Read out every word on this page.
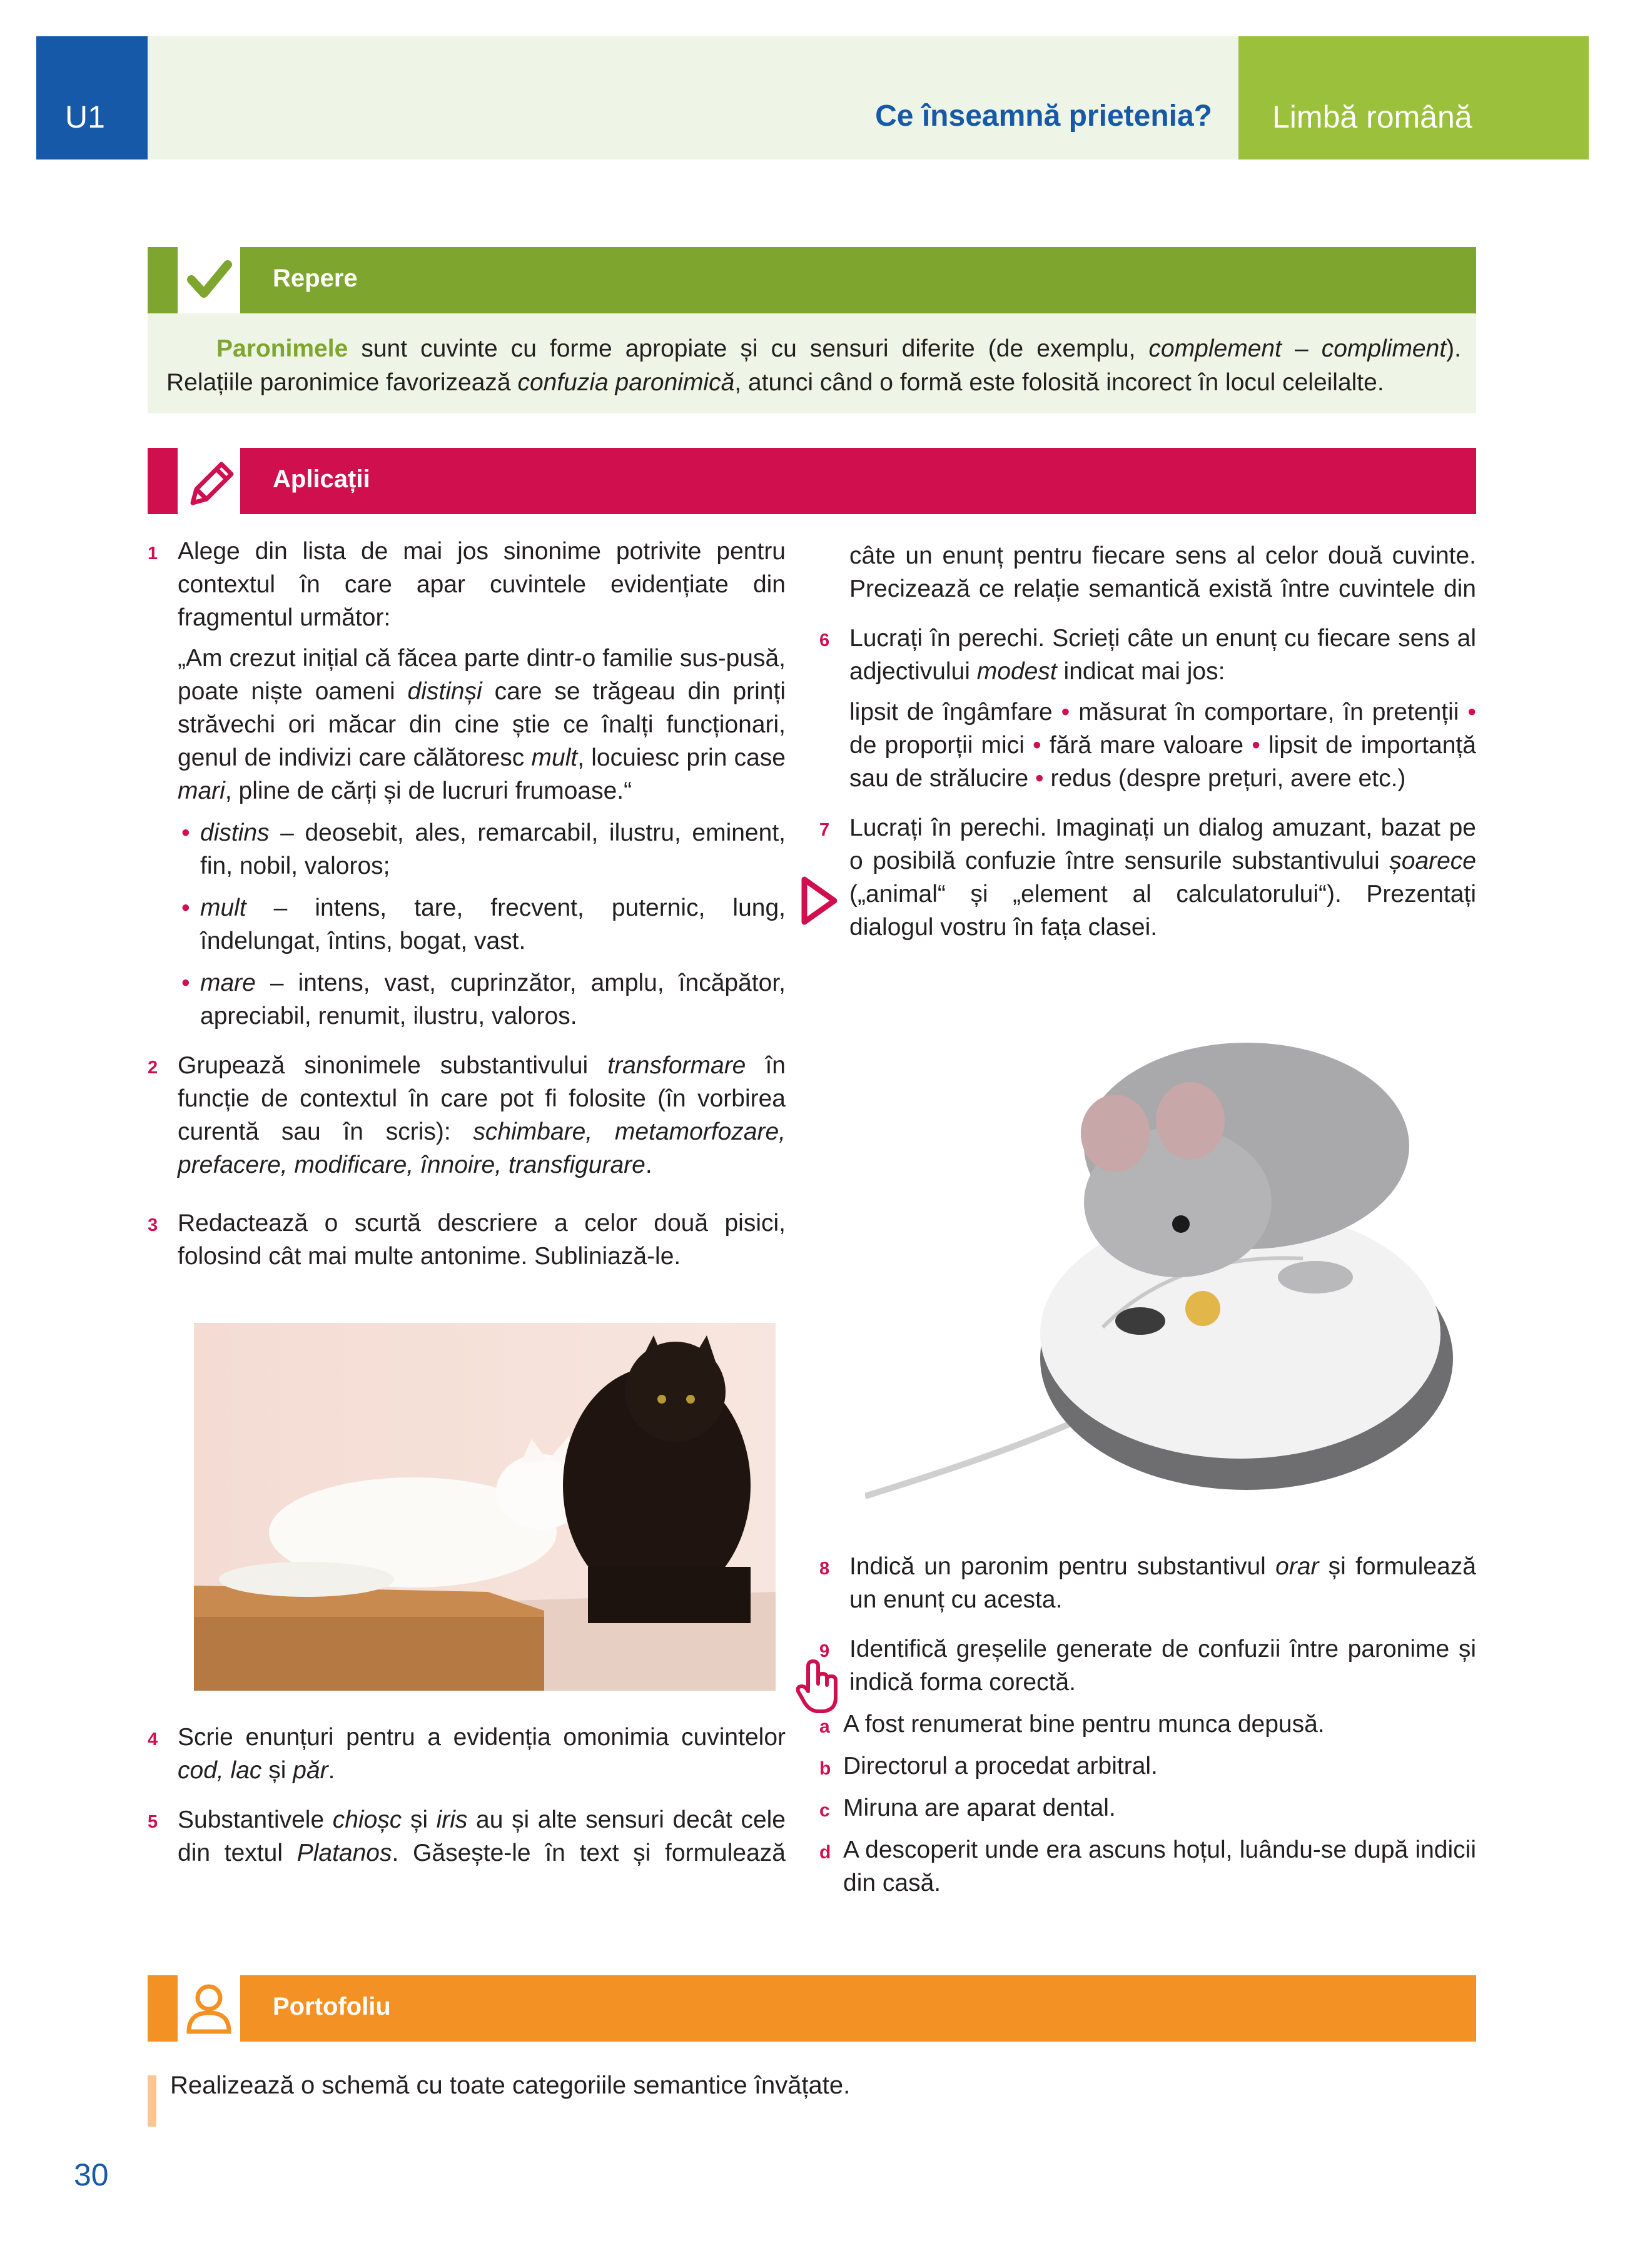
U1	Ce înseamnă prietenia? Limbă română
Repere
Paronimele sunt cuvinte cu forme apropiate și cu sensuri diferite (de exemplu, complement – compliment). Relațiile paronimice favorizează confuzia paronimică, atunci când o formă este folosită incorect în locul celeilalte.
Aplicații
1 Alege din lista de mai jos sinonime potrivite pentru contextul în care apar cuvintele evidențiate din fragmentul următor:
„Am crezut inițial că făcea parte dintr-o familie sus-pusă, poate niște oameni distinși care se trăgeau din prinți străvechi ori măcar din cine știe ce înalți funcționari, genul de indivizi care călătoresc mult, locuiesc prin case mari, pline de cărți și de lucruri frumoase.“
• distins – deosebit, ales, remarcabil, ilustru, eminent, fin, nobil, valoros;
• mult – intens, tare, frecvent, puternic, lung, îndelungat, întins, bogat, vast.
• mare – intens, vast, cuprinzător, amplu, încăpător, apreciabil, renumit, ilustru, valoros.
2 Grupează sinonimele substantivului transformare în funcție de contextul în care pot fi folosite (în vorbirea curentă sau în scris): schimbare, metamorfozare, prefacere, modificare, înnoire, transfigurare.
3 Redactează o scurtă descriere a celor două pisici, folosind cât mai multe antonime. Subliniază-le.
4 Scrie enunțuri pentru a evidenția omonimia cuvintelor cod, lac și păr.
5 Substantivele chioșc și iris au și alte sensuri decât cele din textul Platanos. Găsește-le în text și formulează
câte un enunț pentru fiecare sens al celor două cuvinte. Precizează ce relație semantică există între cuvintele din
6 Lucrați în perechi. Scrieți câte un enunț cu fiecare sens al adjectivului modest indicat mai jos:
lipsit de îngâmfare • măsurat în comportare, în pretenții • de proporții mici • fără mare valoare • lipsit de importanță sau de strălucire • redus (despre prețuri, avere etc.)
7 Lucrați în perechi. Imaginați un dialog amuzant, bazat pe o posibilă confuzie între sensurile substantivului șoarece („animal“ și „element al calculatorului“). Prezentați dialogul vostru în fața clasei.
8 Indică un paronim pentru substantivul orar și formulează un enunț cu acesta.
9 Identifică greșelile generate de confuzii între paronime și indică forma corectă.
a A fost renumerat bine pentru munca depusă.
b Directorul a procedat arbitral.
c Miruna are aparat dental.
d A descoperit unde era ascuns hoțul, luându-se după indicii din casă.
Portofoliu
Realizează o schemă cu toate categoriile semantice învățate.
30
